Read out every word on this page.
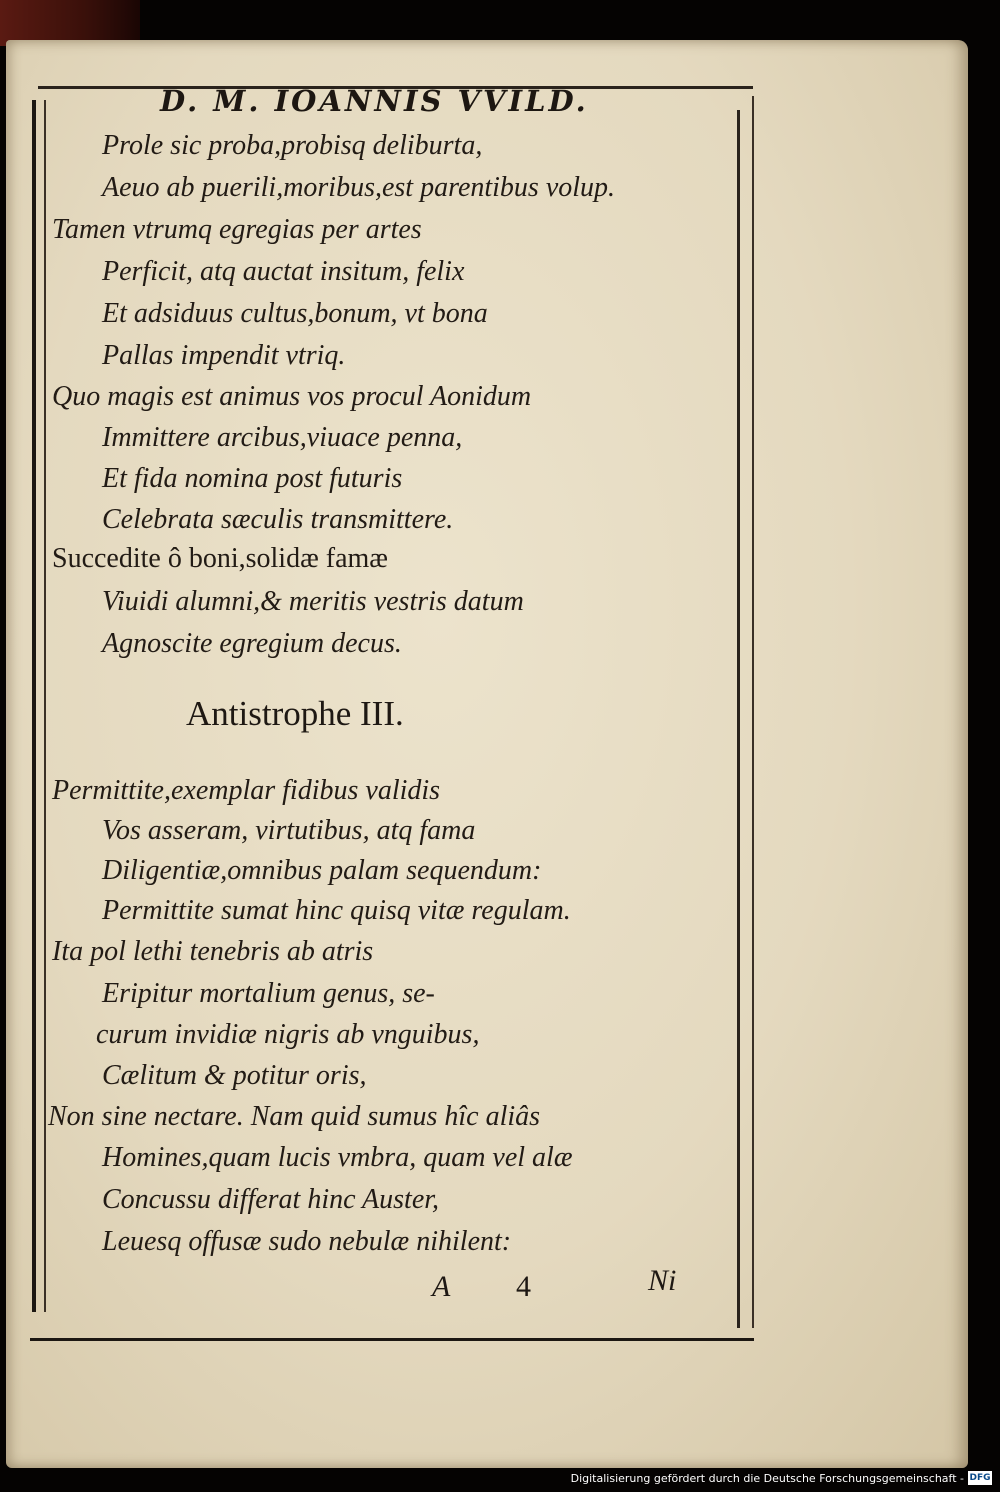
D. M. IOANNIS VVILD.
Prole sic proba,probisq deliburta,
Aeuo ab puerili,moribus,est parentibus volup.
Tamen vtrumq egregias per artes
Perficit, atq auctat insitum, felix
Et adsiduus cultus,bonum, vt bona
Pallas impendit vtriq.
Quo magis est animus vos procul Aonidum
Immittere arcibus,viuace penna,
Et fida nomina post futuris
Celebrata sæculis transmittere.
Succedite ô boni,solidæ famæ
Viuidi alumni,& meritis vestris datum
Agnoscite egregium decus.
Antistrophe III.
Permittite,exemplar fidibus validis
Vos asseram, virtutibus, atq fama
Diligentiæ,omnibus palam sequendum:
Permittite sumat hinc quisq vitæ regulam.
Ita pol lethi tenebris ab atris
Eripitur mortalium genus, se-
curum invidiæ nigris ab vnguibus,
Cælitum & potitur oris,
Non sine nectare. Nam quid sumus hîc aliâs
Homines,quam lucis vmbra, quam vel alæ
Concussu differat hinc Auster,
Leuesq offusæ sudo nebulæ nihilent:
A 4	Ni
Digitalisierung gefördert durch die Deutsche Forschungsgemeinschaft - DFG
